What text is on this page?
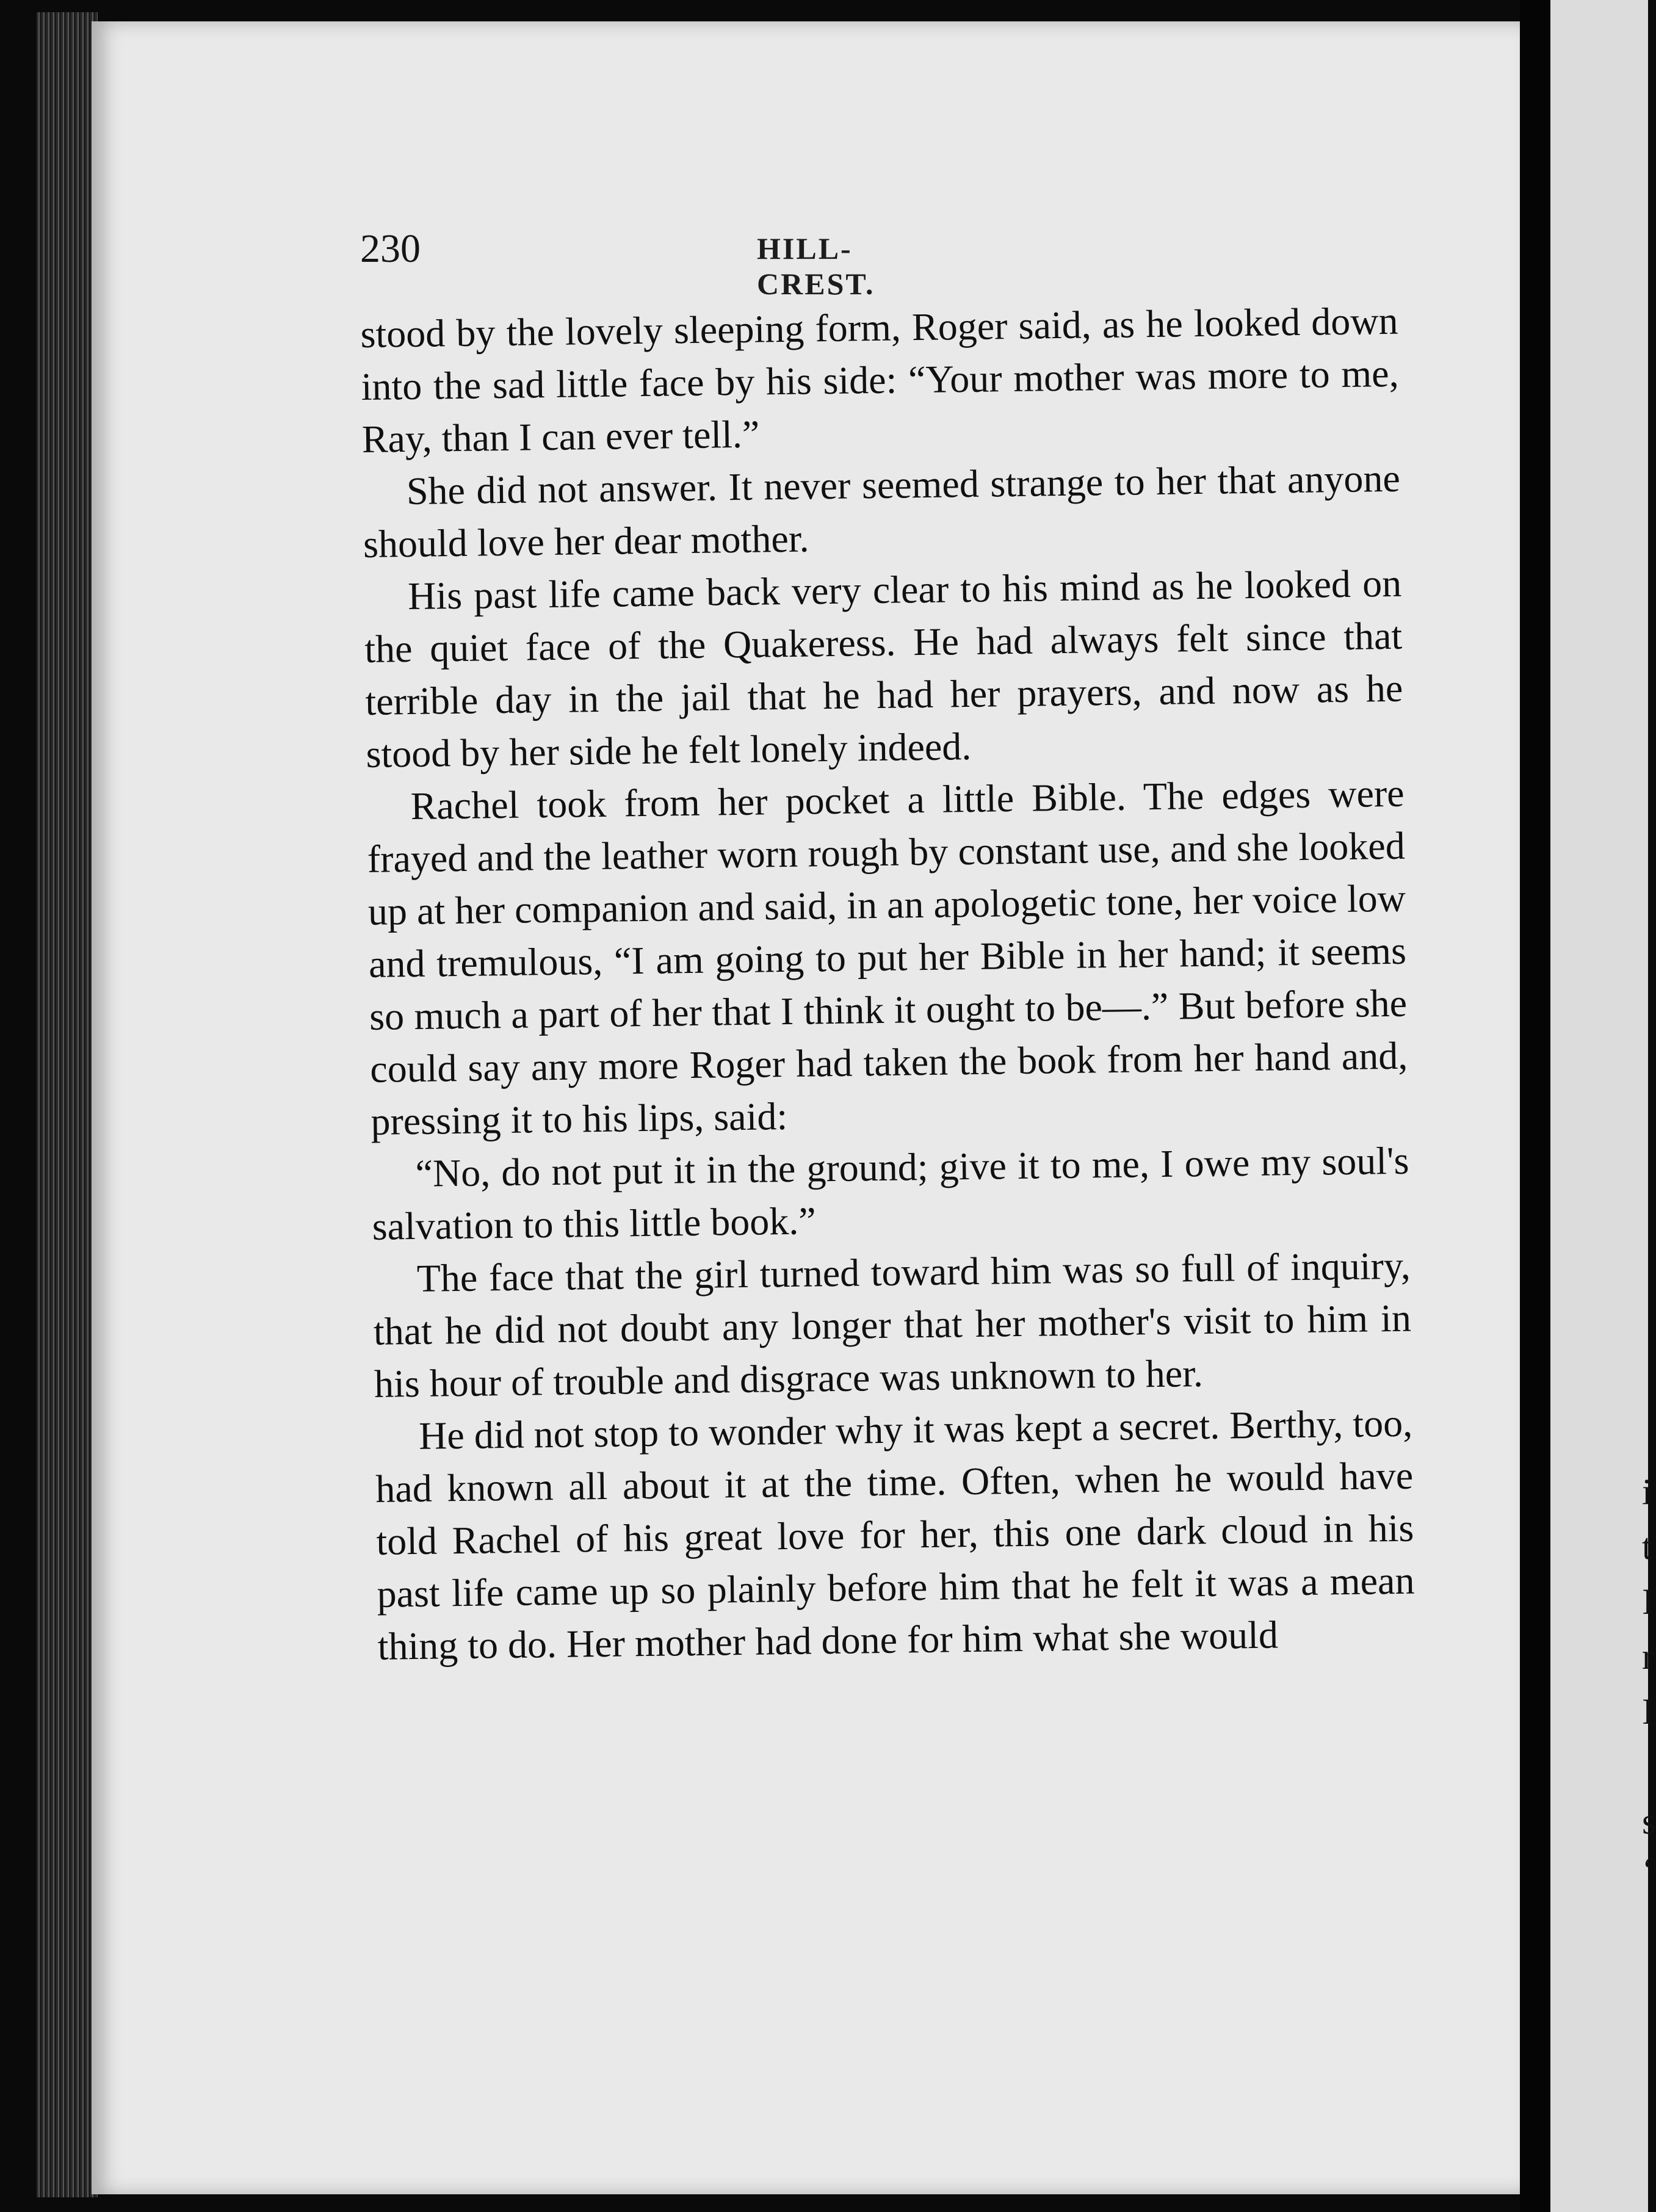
i
t
I
r
I
s
‘
230	HILL-CREST.

stood by the lovely sleeping form, Roger said, as he looked down into the sad little face by his side: “Your mother was more to me, Ray, than I can ever tell.”

She did not answer. It never seemed strange to her that anyone should love her dear mother.

His past life came back very clear to his mind as he looked on the quiet face of the Quakeress. He had always felt since that terrible day in the jail that he had her prayers, and now as he stood by her side he felt lonely indeed.

Rachel took from her pocket a little Bible. The edges were frayed and the leather worn rough by constant use, and she looked up at her companion and said, in an apologetic tone, her voice low and tremulous, “I am going to put her Bible in her hand; it seems so much a part of her that I think it ought to be—.” But before she could say any more Roger had taken the book from her hand and, pressing it to his lips, said:

“No, do not put it in the ground; give it to me, I owe my soul's salvation to this little book.”

The face that the girl turned toward him was so full of inquiry, that he did not doubt any longer that her mother's visit to him in his hour of trouble and disgrace was unknown to her.

He did not stop to wonder why it was kept a secret. Berthy, too, had known all about it at the time. Often, when he would have told Rachel of his great love for her, this one dark cloud in his past life came up so plainly before him that he felt it was a mean thing to do. Her mother had done for him what she would
